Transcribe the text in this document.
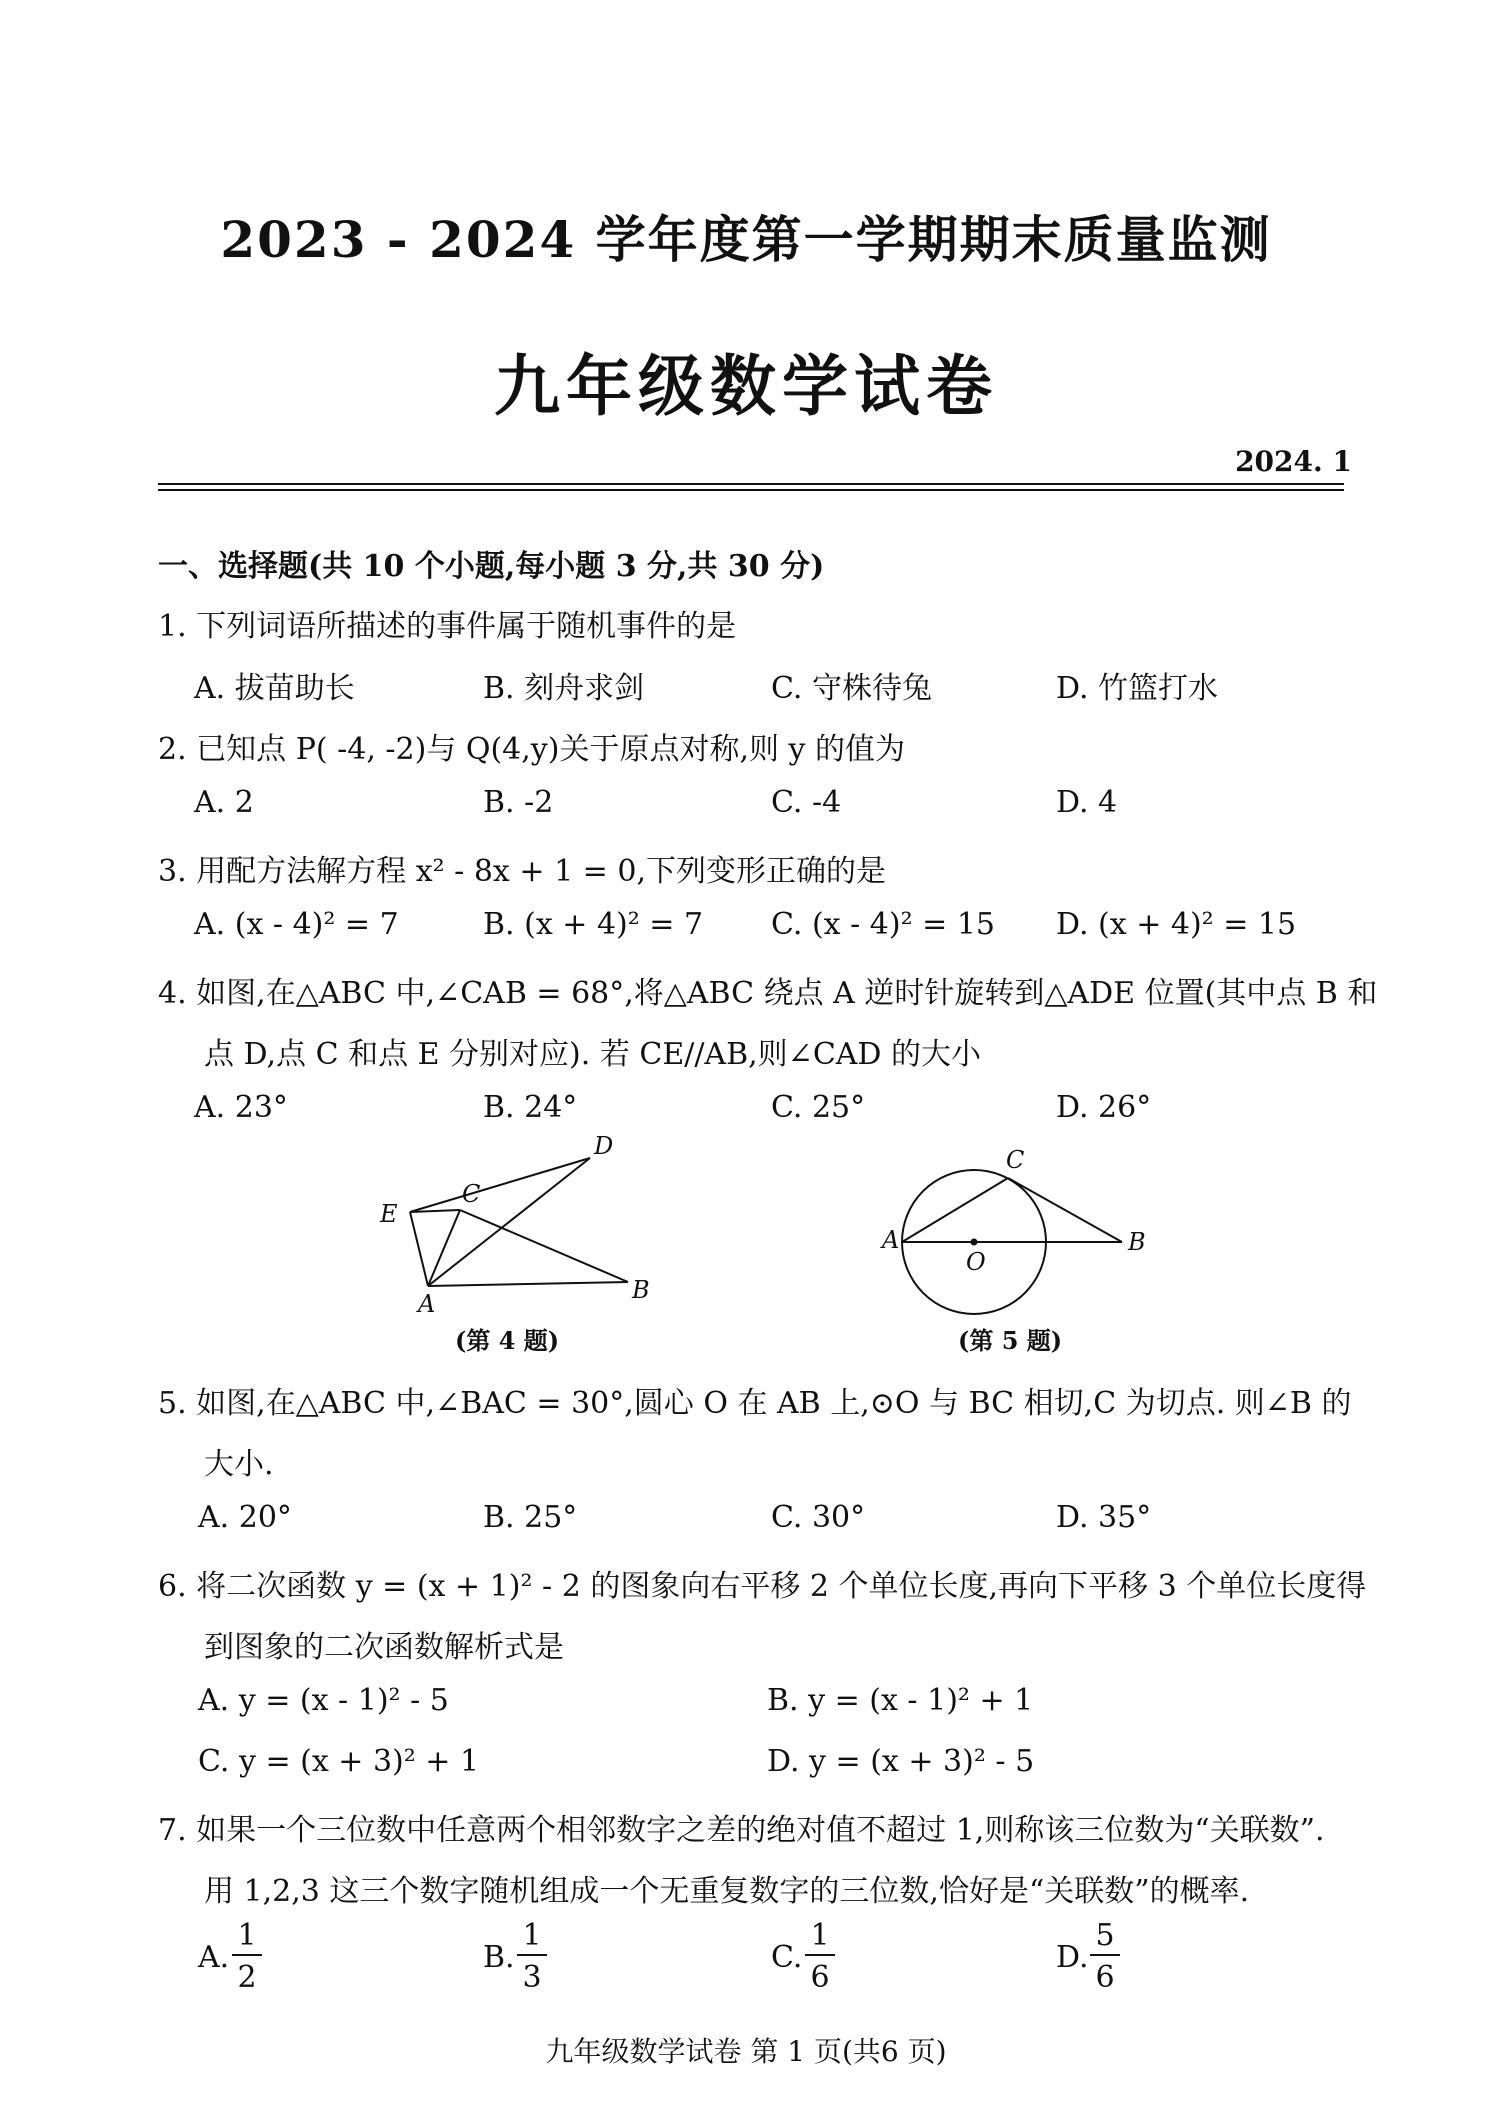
2023 - 2024 学年度第一学期期末质量监测
九年级数学试卷
2024. 1
一、选择题(共 10 个小题,每小题 3 分,共 30 分)
1. 下列词语所描述的事件属于随机事件的是
A. 拔苗助长	B. 刻舟求剑	C. 守株待兔	D. 竹篮打水
2. 已知点 P( -4, -2)与 Q(4,y)关于原点对称,则 y 的值为
A. 2	B. -2	C. -4	D. 4
3. 用配方法解方程 x² - 8x + 1 = 0,下列变形正确的是
A. (x - 4)² = 7	B. (x + 4)² = 7 C. (x - 4)² = 15 D. (x + 4)² = 15
4. 如图,在△ABC 中,∠CAB = 68°,将△ABC 绕点 A 逆时针旋转到△ADE 位置(其中点 B 和
点 D,点 C 和点 E 分别对应). 若 CE//AB,则∠CAD 的大小
A. 23°	B. 24°	C. 25°	D. 26°
E
C
D
A	B
(第 4 题)
C
A
O
B
(第 5 题)
5. 如图,在△ABC 中,∠BAC = 30°,圆心 O 在 AB 上,⊙O 与 BC 相切,C 为切点. 则∠B 的
大小.
A. 20°	B. 25°	C. 30°	D. 35°
6. 将二次函数 y = (x + 1)² - 2 的图象向右平移 2 个单位长度,再向下平移 3 个单位长度得
到图象的二次函数解析式是
A. y = (x - 1)² - 5	B. y = (x - 1)² + 1
C. y = (x + 3)² + 1	D. y = (x + 3)² - 5
7. 如果一个三位数中任意两个相邻数字之差的绝对值不超过 1,则称该三位数为“关联数”.
用 1,2,3 这三个数字随机组成一个无重复数字的三位数,恰好是“关联数”的概率.
A.
1
2
B.
1
3
C.
1
6
D.
5
6
九年级数学试卷 第 1 页(共6 页)
